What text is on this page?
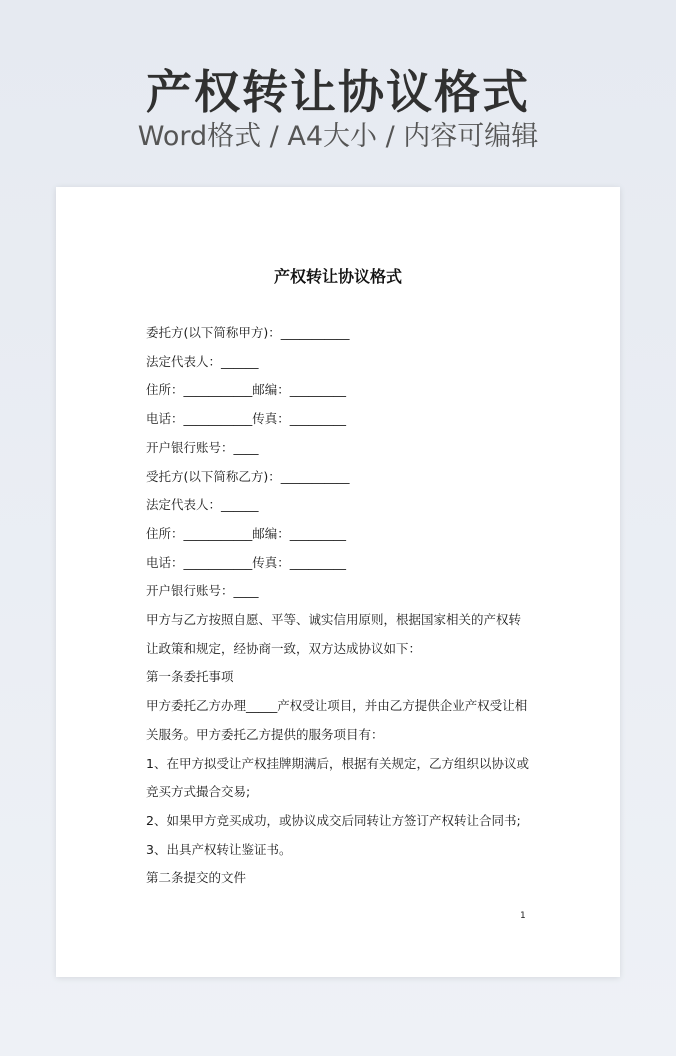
产权转让协议格式
Word格式 / A4大小 / 内容可编辑
产权转让协议格式
委托方(以下简称甲方)：___________
法定代表人：______
住所：___________邮编：_________
电话：___________传真：_________
开户银行账号：____
受托方(以下简称乙方)：___________
法定代表人：______
住所：___________邮编：_________
电话：___________传真：_________
开户银行账号：____
甲方与乙方按照自愿、平等、诚实信用原则，根据国家相关的产权转让政策和规定，经协商一致，双方达成协议如下：
第一条委托事项
甲方委托乙方办理_____产权受让项目，并由乙方提供企业产权受让相关服务。甲方委托乙方提供的服务项目有：
1、在甲方拟受让产权挂牌期满后，根据有关规定，乙方组织以协议或竞买方式撮合交易;
2、如果甲方竞买成功，或协议成交后同转让方签订产权转让合同书;
3、出具产权转让鉴证书。
第二条提交的文件
1
